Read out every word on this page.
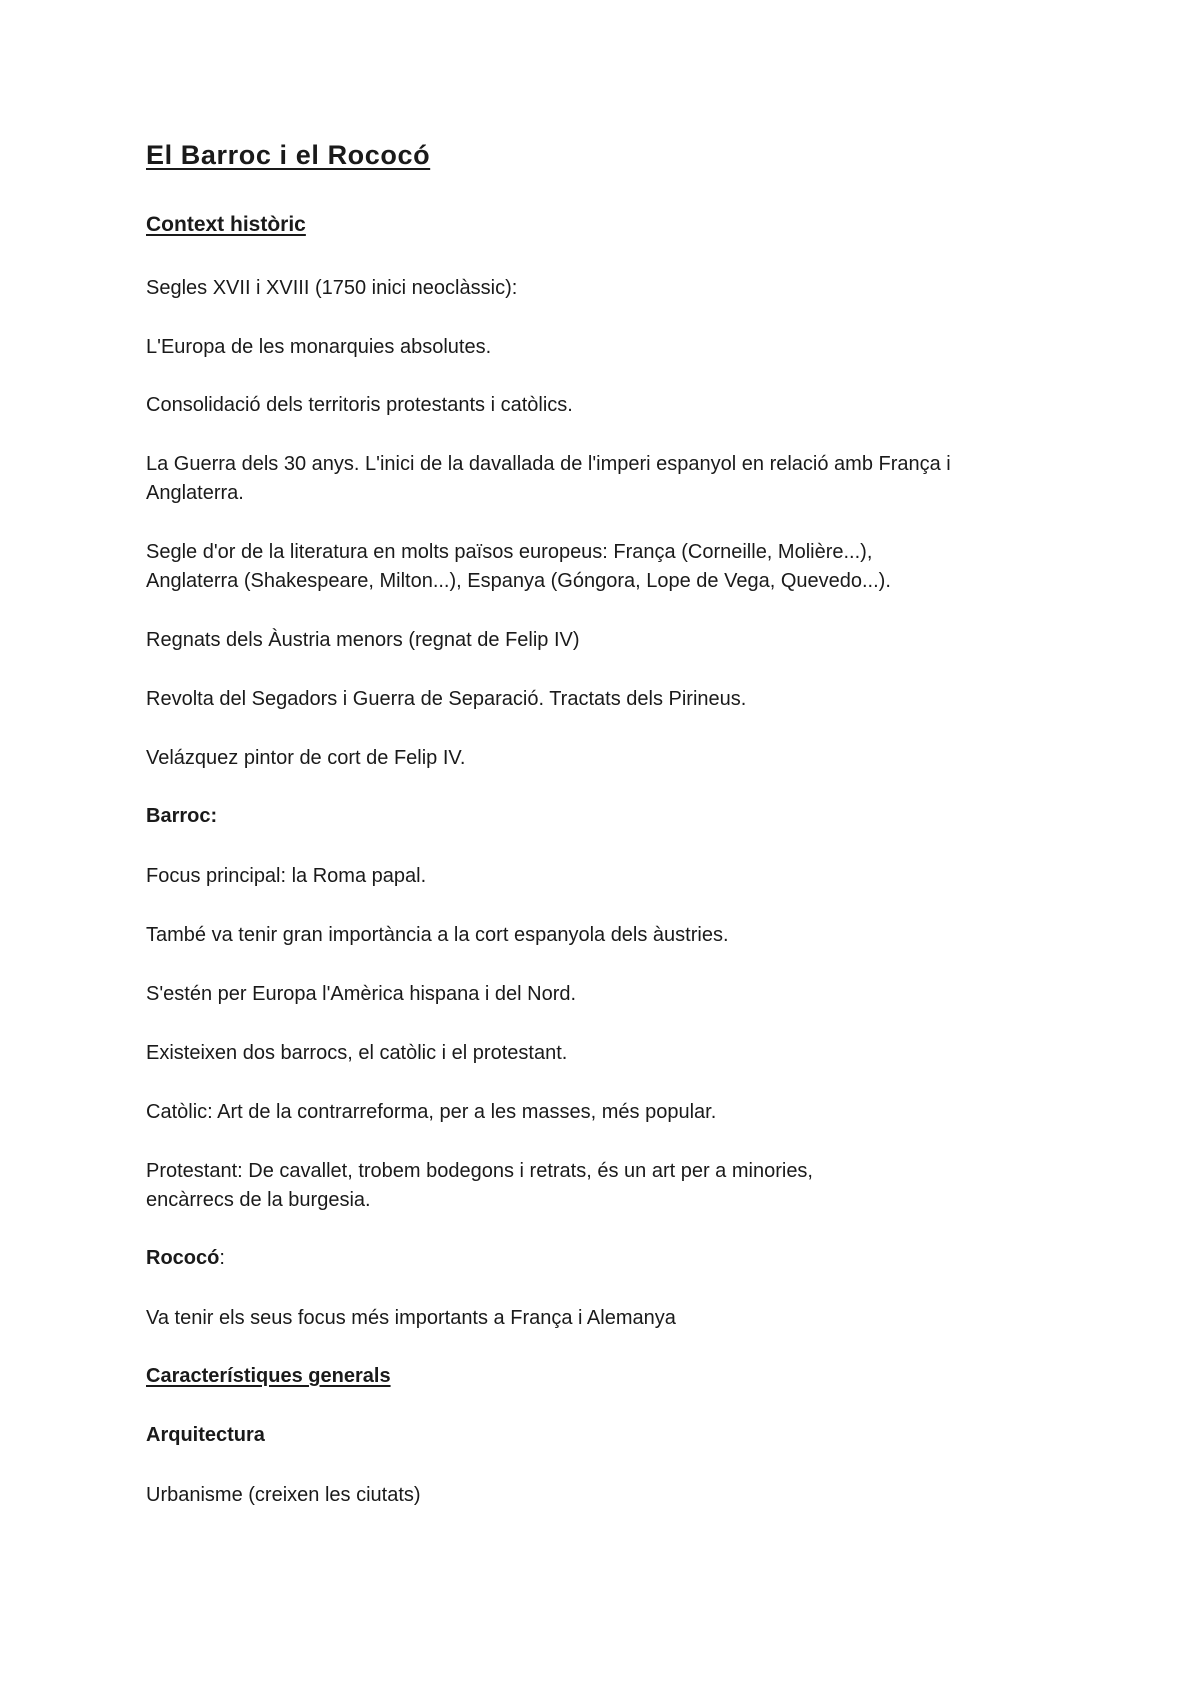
El Barroc i el Rococó
Context històric

Segles XVII i XVIII (1750 inici neoclàssic):

L'Europa de les monarquies absolutes.

Consolidació dels territoris protestants i catòlics.

La Guerra dels 30 anys. L'inici de la davallada de l'imperi espanyol en relació amb França i
Anglaterra.

Segle d'or de la literatura en molts països europeus: França (Corneille, Molière...),
Anglaterra (Shakespeare, Milton...), Espanya (Góngora, Lope de Vega, Quevedo...).

Regnats dels Àustria menors (regnat de Felip IV)

Revolta del Segadors i Guerra de Separació. Tractats dels Pirineus.

Velázquez pintor de cort de Felip IV.

Barroc:

Focus principal: la Roma papal.

També va tenir gran importància a la cort espanyola dels àustries.

S'estén per Europa l'Amèrica hispana i del Nord.

Existeixen dos barrocs, el catòlic i el protestant.

Catòlic: Art de la contrarreforma, per a les masses, més popular.

Protestant: De cavallet, trobem bodegons i retrats, és un art per a minories,
encàrrecs de la burgesia.

Rococó:

Va tenir els seus focus més importants a França i Alemanya

Característiques generals
Arquitectura

Urbanisme (creixen les ciutats)
